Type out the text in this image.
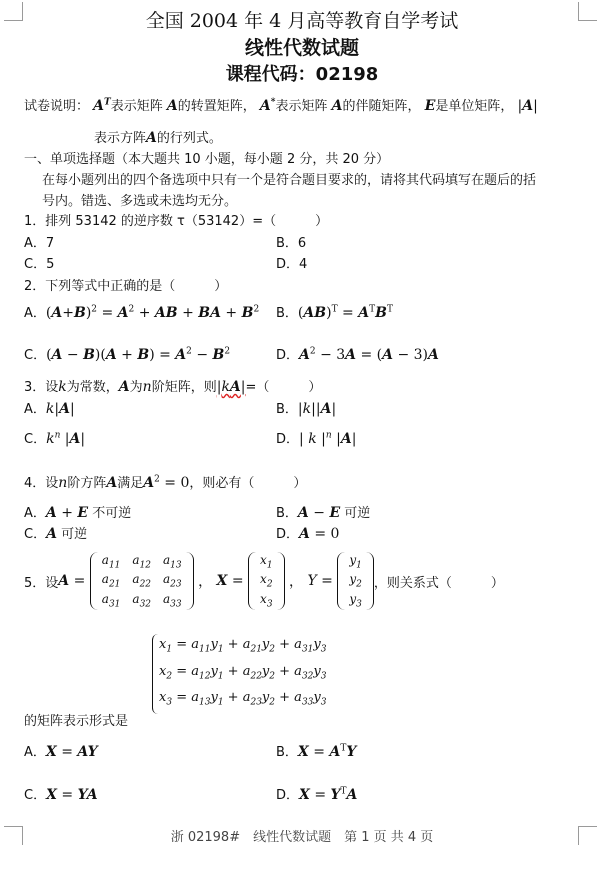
全国 2004 年 4 月高等教育自学考试
线性代数试题
课程代码：02198
试卷说明： $A^T$表示矩阵 A的转置矩阵， A*表示矩阵 A的伴随矩阵， E是单位矩阵， |A|
表示方阵A的行列式。
一、单项选择题（本大题共 10 小题，每小题 2 分，共 20 分）
在每小题列出的四个备选项中只有一个是符合题目要求的，请将其代码填写在题后的括
号内。错选、多选或未选均无分。
1．排列 53142 的逆序数 τ（53142）=（　　　）
A．7	B．6
C．5	D．4
2．下列等式中正确的是（　　　）
A．$(A+B)^2 = A^2$ + AB + BA + $B^2$ B．$(AB)^T = A^TB^T$
C．$(A - B)(A + B) = A^2 - B^2$	D．$A^2 - 3A = (A - 3)A$
3．设k为常数，A为n阶矩阵，则|kA|=（　　　）
A．k|A|	B．|k||A|
C．$k^n$ |A|	D．| k $|^n$ |A|
4．设n阶方阵A满足$A^2 = 0$，则必有（　　　）
A．A + E 不可逆	B．A − E 可逆
C．A 可逆	D．A = 0
5．设 A =
$a_{11}$	$a_{12}$	$a_{13}$
$a_{21}$	$a_{22}$	$a_{23}$
$a_{31}$	$a_{32}$	$a_{33}$
， X =
$x_1$
$x_2$
$x_3$
， Y =
$y_1$
$y_2$
$y_3$
，则关系式（　　　）
$x_1 = a_{11}y_1 + a_{21}y_2 + a_{31}y_3$
$x_2 = a_{12}y_1 + a_{22}y_2 + a_{32}y_3$
$x_3 = a_{13}y_1 + a_{23}y_2 + a_{33}y_3$
的矩阵表示形式是
A．X = AY	B．$X = A^TY$
C．X = YA	D．$X = Y^TA$
浙 02198#　线性代数试题　第 1 页 共 4 页
